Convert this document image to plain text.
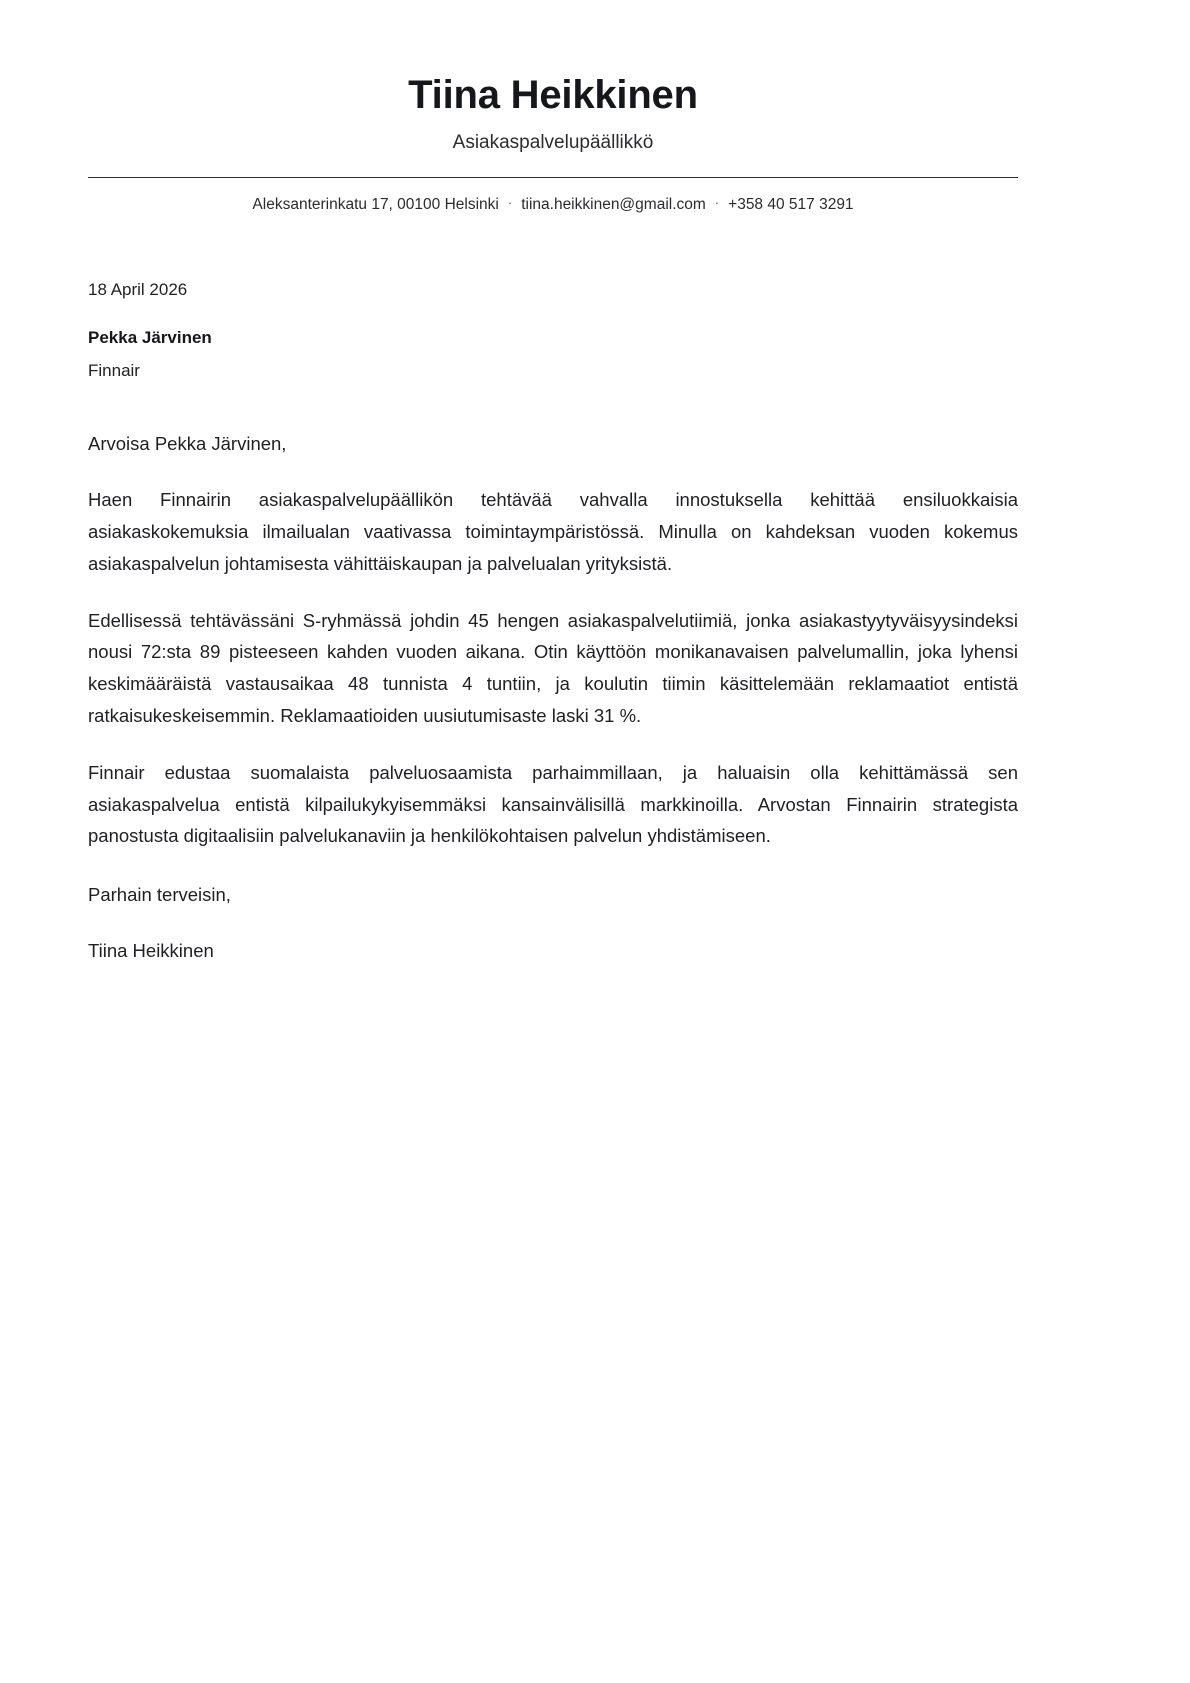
Tiina Heikkinen
Asiakaspalvelupäällikkö
Aleksanterinkatu 17, 00100 Helsinki · tiina.heikkinen@gmail.com · +358 40 517 3291
18 April 2026
Pekka Järvinen
Finnair
Arvoisa Pekka Järvinen,

Haen Finnairin asiakaspalvelupäällikön tehtävää vahvalla innostuksella kehittää ensiluokkaisia asiakaskokemuksia ilmailualan vaativassa toimintaympäristössä. Minulla on kahdeksan vuoden kokemus asiakaspalvelun johtamisesta vähittäiskaupan ja palvelualan yrityksistä.

Edellisessä tehtävässäni S-ryhmässä johdin 45 hengen asiakaspalvelutiimiä, jonka asiakastyytyväisyysindeksi nousi 72:sta 89 pisteeseen kahden vuoden aikana. Otin käyttöön monikanavaisen palvelumallin, joka lyhensi keskimääräistä vastausaikaa 48 tunnista 4 tuntiin, ja koulutin tiimin käsittelemään reklamaatiot entistä ratkaisukeskeisemmin. Reklamaatioiden uusiutumisaste laski 31 %.

Finnair edustaa suomalaista palveluosaamista parhaimmillaan, ja haluaisin olla kehittämässä sen asiakaspalvelua entistä kilpailukykyisemmäksi kansainvälisillä markkinoilla. Arvostan Finnairin strategista panostusta digitaalisiin palvelukanaviin ja henkilökohtaisen palvelun yhdistämiseen.

Parhain terveisin,
Tiina Heikkinen
